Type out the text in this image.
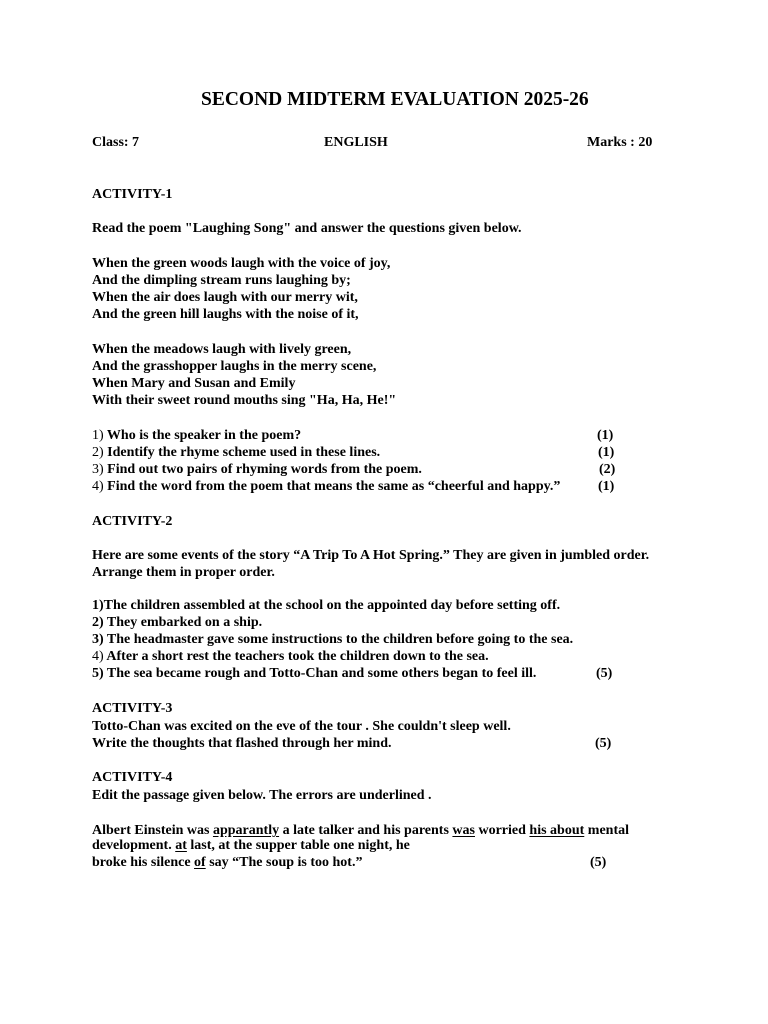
SECOND MIDTERM EVALUATION 2025-26
Class: 7	ENGLISH	Marks : 20
ACTIVITY-1
Read the poem "Laughing Song" and answer the questions given below.
When the green woods laugh with the voice of joy,
And the dimpling stream runs laughing by;
When the air does laugh with our merry wit,
And the green hill laughs with the noise of it,
When the meadows laugh with lively green,
And the grasshopper laughs in the merry scene,
When Mary and Susan and Emily
With their sweet round mouths sing "Ha, Ha, He!"
1) Who is the speaker in the poem?	(1)
2) Identify the rhyme scheme used in these lines.	(1)
3) Find out two pairs of rhyming words from the poem.	(2)
4) Find the word from the poem that means the same as “cheerful and happy.”	(1)
ACTIVITY-2
Here are some events of the story “A Trip To A Hot Spring.” They are given in jumbled order.
Arrange them in proper order.
1)The children assembled at the school on the appointed day before setting off.
2) They embarked on a ship.
3) The headmaster gave some instructions to the children before going to the sea.
4) After a short rest the teachers took the children down to the sea.
5) The sea became rough and Totto-Chan and some others began to feel ill.	(5)
ACTIVITY-3
Totto-Chan was excited on the eve of the tour . She couldn't sleep well.
Write the thoughts that flashed through her mind.	(5)
ACTIVITY-4
Edit the passage given below. The errors are underlined .
Albert Einstein was apparantly a late talker and his parents was worried his about mental
development. at last, at the supper table one night, he
broke his silence of say “The soup is too hot.”	(5)
